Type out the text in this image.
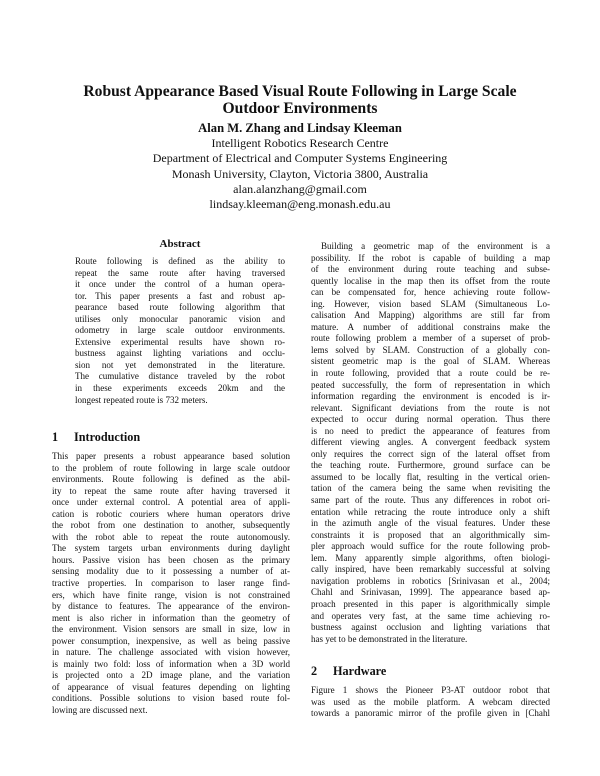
Robust Appearance Based Visual Route Following in Large Scale
Outdoor Environments
Alan M. Zhang and Lindsay Kleeman
Intelligent Robotics Research Centre
Department of Electrical and Computer Systems Engineering
Monash University, Clayton, Victoria 3800, Australia
alan.alanzhang@gmail.com
lindsay.kleeman@eng.monash.edu.au
Abstract
Route following is defined as the ability to
repeat the same route after having traversed
it once under the control of a human opera-
tor. This paper presents a fast and robust ap-
pearance based route following algorithm that
utilises only monocular panoramic vision and
odometry in large scale outdoor environments.
Extensive experimental results have shown ro-
bustness against lighting variations and occlu-
sion not yet demonstrated in the literature.
The cumulative distance traveled by the robot
in these experiments exceeds 20km and the
longest repeated route is 732 meters.
1 Introduction
This paper presents a robust appearance based solution
to the problem of route following in large scale outdoor
environments. Route following is defined as the abil-
ity to repeat the same route after having traversed it
once under external control. A potential area of appli-
cation is robotic couriers where human operators drive
the robot from one destination to another, subsequently
with the robot able to repeat the route autonomously.
The system targets urban environments during daylight
hours. Passive vision has been chosen as the primary
sensing modality due to it possessing a number of at-
tractive properties. In comparison to laser range find-
ers, which have finite range, vision is not constrained
by distance to features. The appearance of the environ-
ment is also richer in information than the geometry of
the environment. Vision sensors are small in size, low in
power consumption, inexpensive, as well as being passive
in nature. The challenge associated with vision however,
is mainly two fold: loss of information when a 3D world
is projected onto a 2D image plane, and the variation
of appearance of visual features depending on lighting
conditions. Possible solutions to vision based route fol-
lowing are discussed next.
Building a geometric map of the environment is a
possibility. If the robot is capable of building a map
of the environment during route teaching and subse-
quently localise in the map then its offset from the route
can be compensated for, hence achieving route follow-
ing. However, vision based SLAM (Simultaneous Lo-
calisation And Mapping) algorithms are still far from
mature. A number of additional constrains make the
route following problem a member of a superset of prob-
lems solved by SLAM. Construction of a globally con-
sistent geometric map is the goal of SLAM. Whereas
in route following, provided that a route could be re-
peated successfully, the form of representation in which
information regarding the environment is encoded is ir-
relevant. Significant deviations from the route is not
expected to occur during normal operation. Thus there
is no need to predict the appearance of features from
different viewing angles. A convergent feedback system
only requires the correct sign of the lateral offset from
the teaching route. Furthermore, ground surface can be
assumed to be locally flat, resulting in the vertical orien-
tation of the camera being the same when revisiting the
same part of the route. Thus any differences in robot ori-
entation while retracing the route introduce only a shift
in the azimuth angle of the visual features. Under these
constraints it is proposed that an algorithmically sim-
pler approach would suffice for the route following prob-
lem. Many apparently simple algorithms, often biologi-
cally inspired, have been remarkably successful at solving
navigation problems in robotics [Srinivasan et al., 2004;
Chahl and Srinivasan, 1999]. The appearance based ap-
proach presented in this paper is algorithmically simple
and operates very fast, at the same time achieving ro-
bustness against occlusion and lighting variations that
has yet to be demonstrated in the literature.
2 Hardware
Figure 1 shows the Pioneer P3-AT outdoor robot that
was used as the mobile platform. A webcam directed
towards a panoramic mirror of the profile given in [Chahl
